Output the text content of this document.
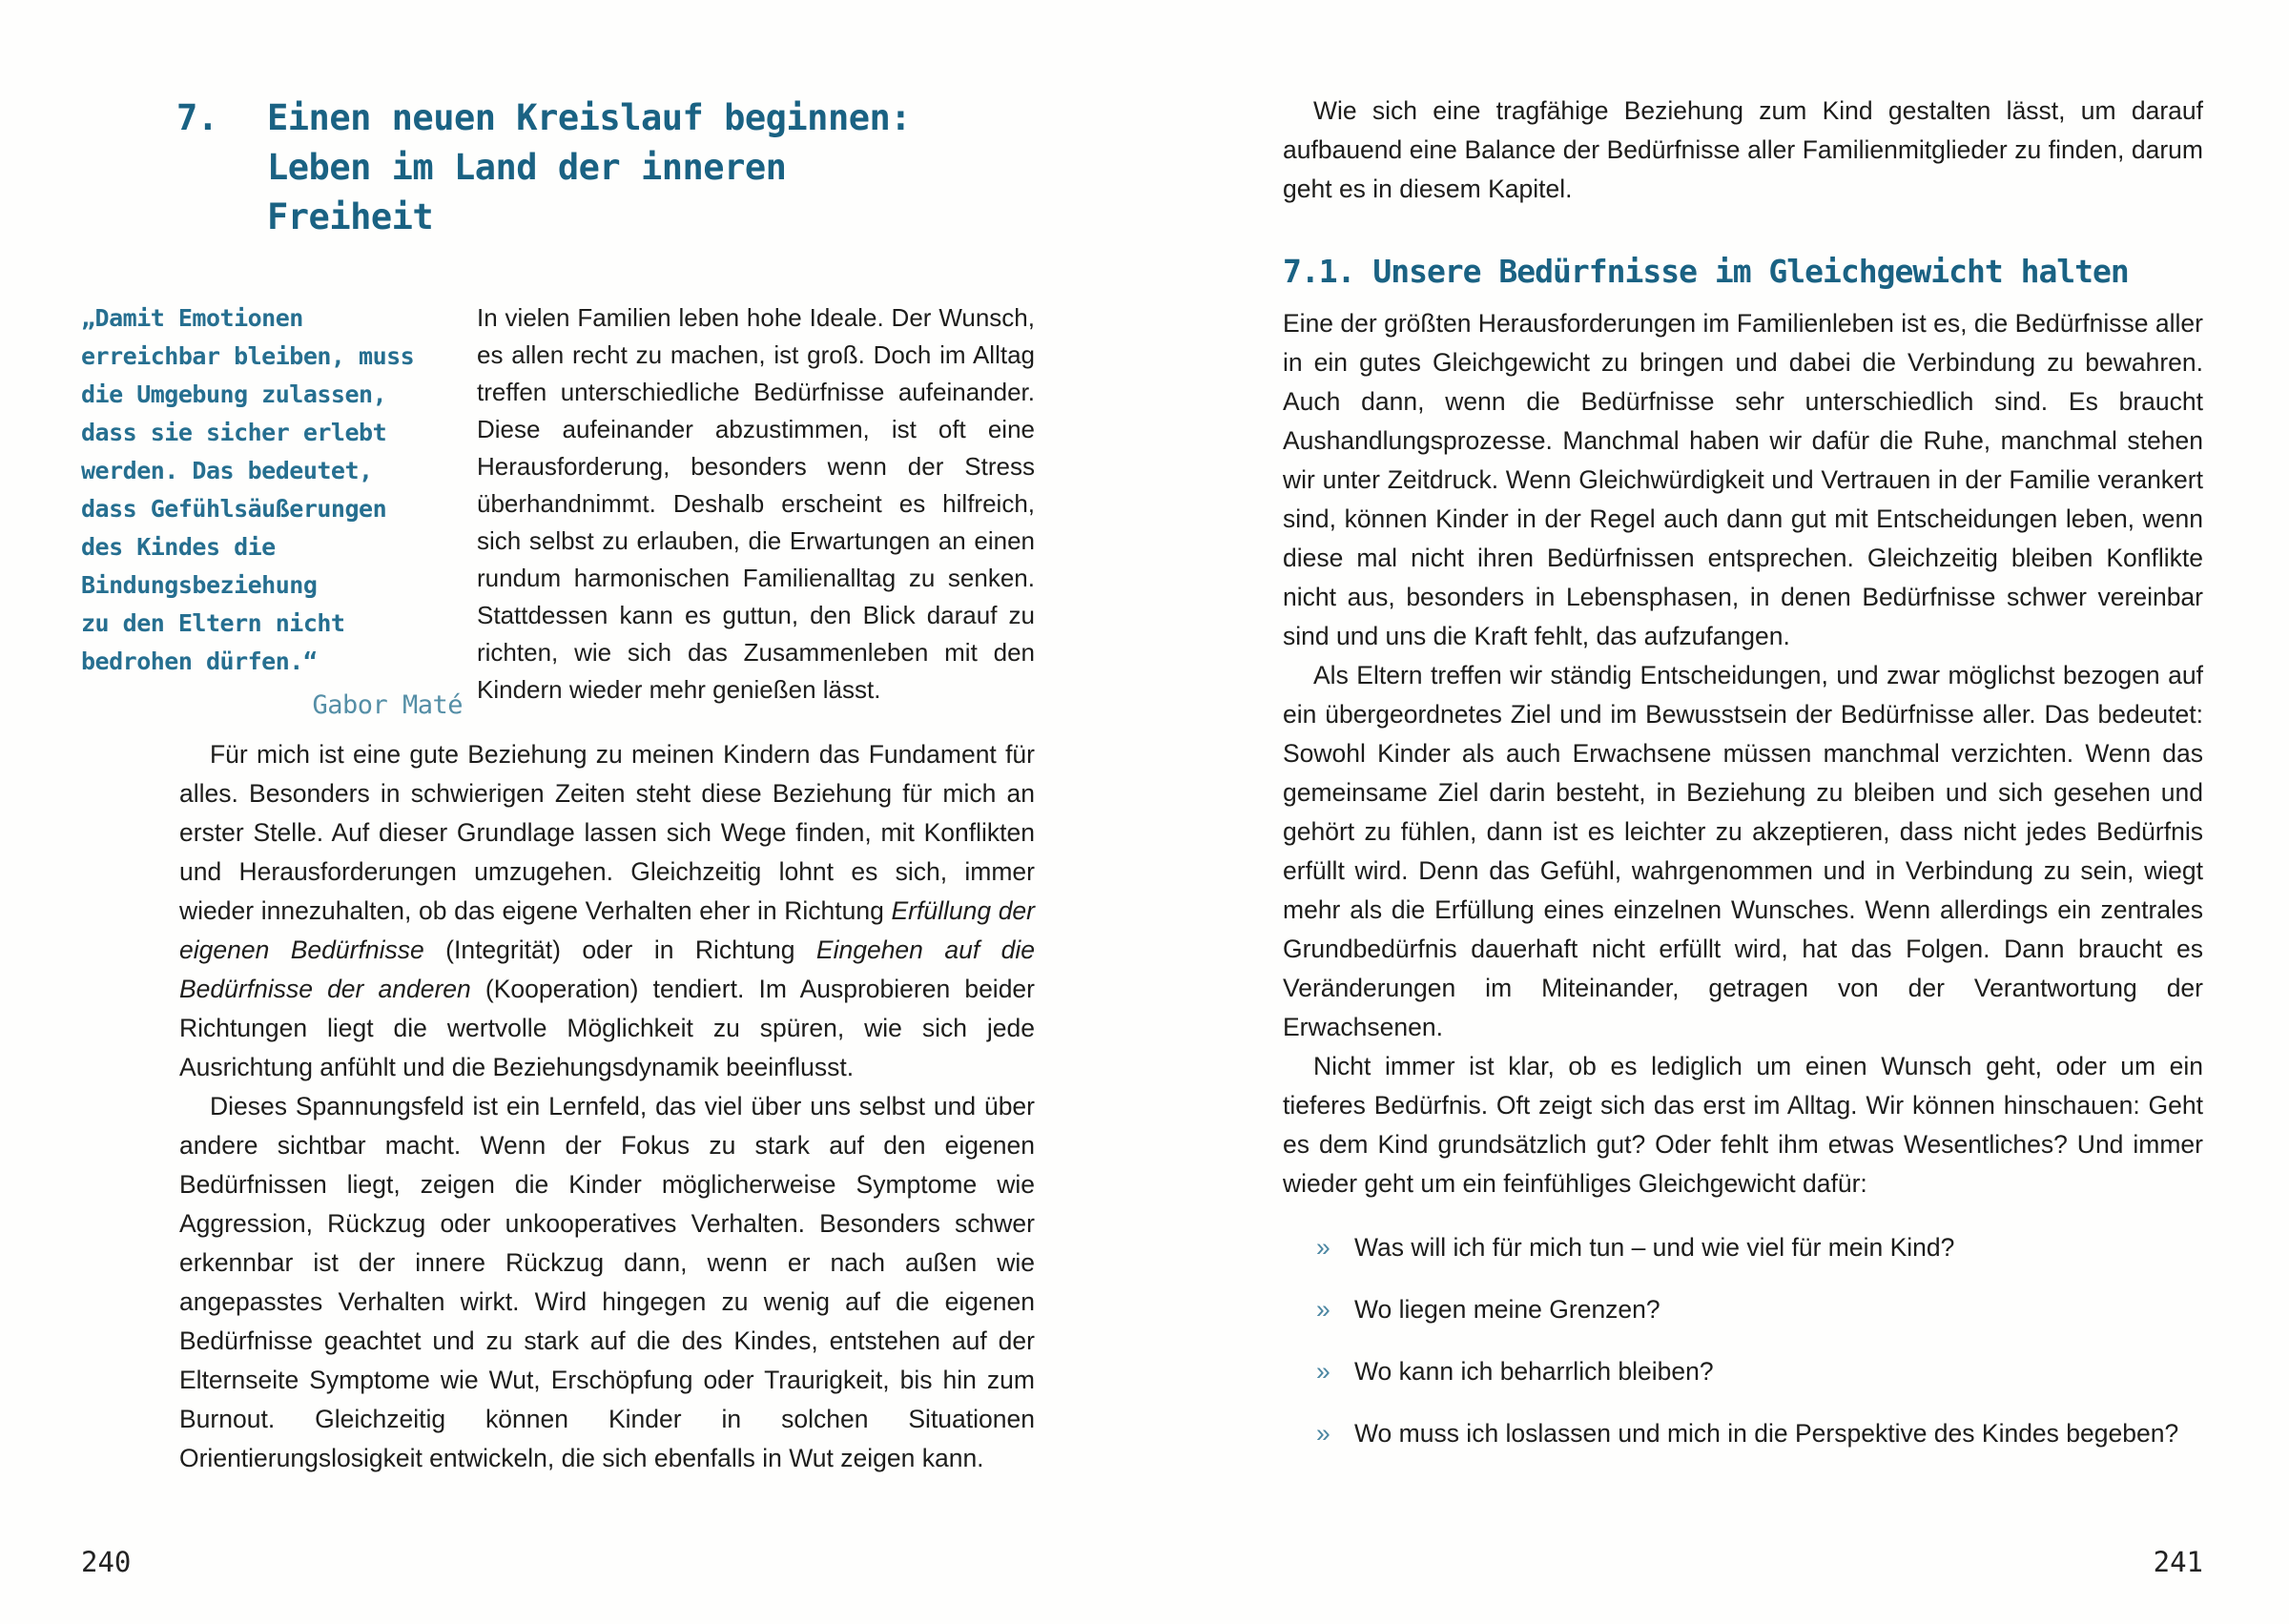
7.	Einen neuen Kreislauf beginnen:
Leben im Land der inneren
Freiheit
„Damit Emotionen
erreichbar bleiben, muss
die Umgebung zulassen,
dass sie sicher erlebt
werden. Das bedeutet,
dass Gefühlsäußerungen
des Kindes die
Bindungsbeziehung
zu den Eltern nicht
bedrohen dürfen.“
Gabor Maté

In vielen Familien leben hohe Ideale. Der Wunsch, es allen recht zu machen, ist groß. Doch im Alltag treffen unterschiedliche Bedürfnisse aufeinander. Diese aufeinander abzustimmen, ist oft eine Herausforderung, besonders wenn der Stress überhandnimmt. Deshalb erscheint es hilfreich, sich selbst zu erlauben, die Erwartungen an einen rundum harmonischen Familienalltag zu senken. Stattdessen kann es guttun, den Blick darauf zu richten, wie sich das Zusammenleben mit den Kindern wieder mehr genießen lässt.

Für mich ist eine gute Beziehung zu meinen Kindern das Fundament für alles. Besonders in schwierigen Zeiten steht diese Beziehung für mich an erster Stelle. Auf dieser Grundlage lassen sich Wege finden, mit Konflikten und Herausforderungen umzugehen. Gleichzeitig lohnt es sich, immer wieder innezuhalten, ob das eigene Verhalten eher in Richtung Erfüllung der eigenen Bedürfnisse (Integrität) oder in Richtung Eingehen auf die Bedürfnisse der anderen (Kooperation) tendiert. Im Ausprobieren beider Richtungen liegt die wertvolle Möglichkeit zu spüren, wie sich jede Ausrichtung anfühlt und die Beziehungsdynamik beeinflusst.

Dieses Spannungsfeld ist ein Lernfeld, das viel über uns selbst und über andere sichtbar macht. Wenn der Fokus zu stark auf den eigenen Bedürfnissen liegt, zeigen die Kinder möglicherweise Symptome wie Aggression, Rückzug oder unkooperatives Verhalten. Besonders schwer erkennbar ist der innere Rückzug dann, wenn er nach außen wie angepasstes Verhalten wirkt. Wird hingegen zu wenig auf die eigenen Bedürfnisse geachtet und zu stark auf die des Kindes, entstehen auf der Elternseite Symptome wie Wut, Erschöpfung oder Traurigkeit, bis hin zum Burnout. Gleichzeitig können Kinder in solchen Situationen Orientierungslosigkeit entwickeln, die sich ebenfalls in Wut zeigen kann.

240

Wie sich eine tragfähige Beziehung zum Kind gestalten lässt, um darauf aufbauend eine Balance der Bedürfnisse aller Familienmitglieder zu finden, darum geht es in diesem Kapitel.

7.1. Unsere Bedürfnisse im Gleichgewicht halten

Eine der größten Herausforderungen im Familienleben ist es, die Bedürfnisse aller in ein gutes Gleichgewicht zu bringen und dabei die Verbindung zu bewahren. Auch dann, wenn die Bedürfnisse sehr unterschiedlich sind. Es braucht Aushandlungsprozesse. Manchmal haben wir dafür die Ruhe, manchmal stehen wir unter Zeitdruck. Wenn Gleichwürdigkeit und Vertrauen in der Familie verankert sind, können Kinder in der Regel auch dann gut mit Entscheidungen leben, wenn diese mal nicht ihren Bedürfnissen entsprechen. Gleichzeitig bleiben Konflikte nicht aus, besonders in Lebensphasen, in denen Bedürfnisse schwer vereinbar sind und uns die Kraft fehlt, das aufzufangen.

Als Eltern treffen wir ständig Entscheidungen, und zwar möglichst bezogen auf ein übergeordnetes Ziel und im Bewusstsein der Bedürfnisse aller. Das bedeutet: Sowohl Kinder als auch Erwachsene müssen manchmal verzichten. Wenn das gemeinsame Ziel darin besteht, in Beziehung zu bleiben und sich gesehen und gehört zu fühlen, dann ist es leichter zu akzeptieren, dass nicht jedes Bedürfnis erfüllt wird. Denn das Gefühl, wahrgenommen und in Verbindung zu sein, wiegt mehr als die Erfüllung eines einzelnen Wunsches. Wenn allerdings ein zentrales Grundbedürfnis dauerhaft nicht erfüllt wird, hat das Folgen. Dann braucht es Veränderungen im Miteinander, getragen von der Verantwortung der Erwachsenen.

Nicht immer ist klar, ob es lediglich um einen Wunsch geht, oder um ein tieferes Bedürfnis. Oft zeigt sich das erst im Alltag. Wir können hinschauen: Geht es dem Kind grundsätzlich gut? Oder fehlt ihm etwas Wesentliches? Und immer wieder geht um ein feinfühliges Gleichgewicht dafür:

» Was will ich für mich tun – und wie viel für mein Kind?
» Wo liegen meine Grenzen?
» Wo kann ich beharrlich bleiben?
» Wo muss ich loslassen und mich in die Perspektive des Kindes begeben?
241
